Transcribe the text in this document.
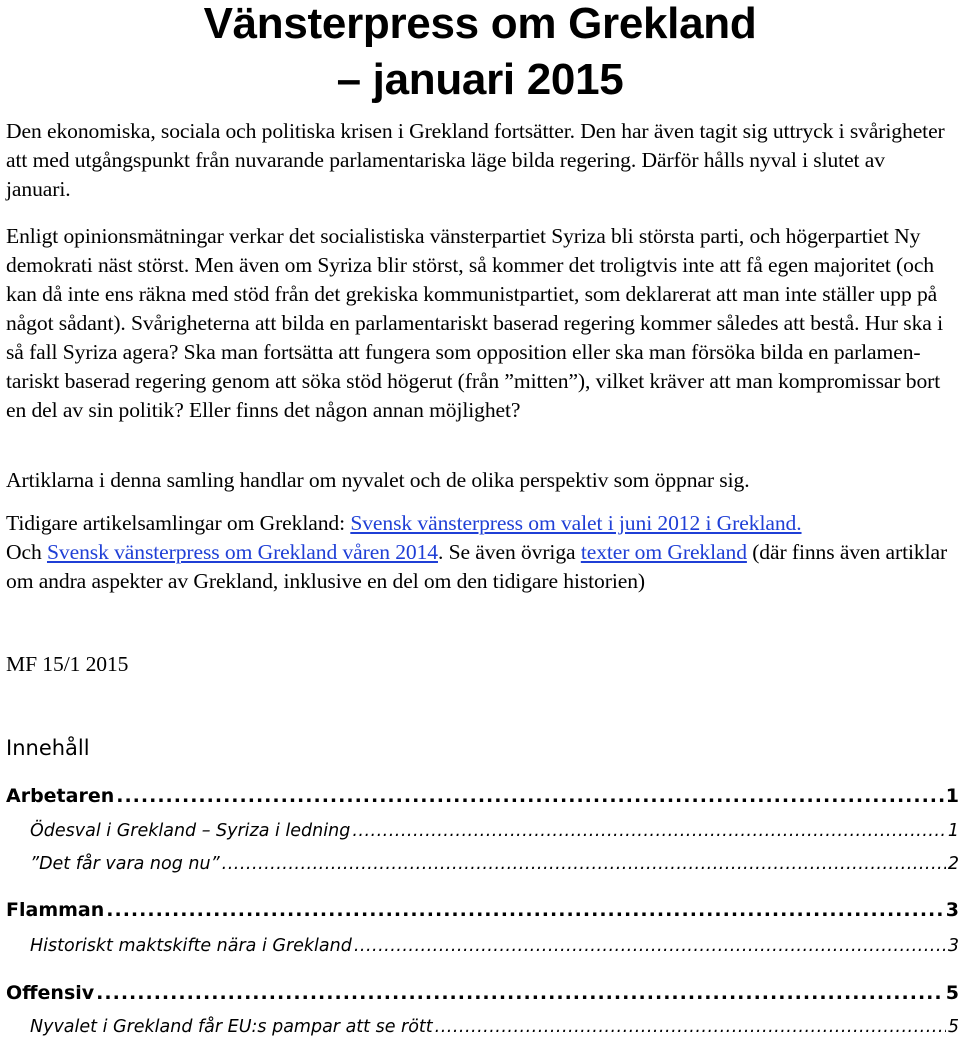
Vänsterpress om Grekland
– januari 2015

Den ekonomiska, sociala och politiska krisen i Grekland fortsätter. Den har även tagit sig uttryck i svårigheter att med utgångspunkt från nuvarande parlamentariska läge bilda regering. Därför hålls nyval i slutet av januari.

Enligt opinionsmätningar verkar det socialistiska vänsterpartiet Syriza bli största parti, och högerpartiet Ny demokrati näst störst. Men även om Syriza blir störst, så kommer det troligtvis inte att få egen majoritet (och kan då inte ens räkna med stöd från det grekiska kommunistpartiet, som deklarerat att man inte ställer upp på något sådant). Svårigheterna att bilda en parlamentariskt baserad regering kommer således att bestå. Hur ska i så fall Syriza agera? Ska man fortsätta att fungera som opposition eller ska man försöka bilda en parlamen-tariskt baserad regering genom att söka stöd högerut (från ”mitten”), vilket kräver att man kompromissar bort en del av sin politik? Eller finns det någon annan möjlighet?

Artiklarna i denna samling handlar om nyvalet och de olika perspektiv som öppnar sig.

Tidigare artikelsamlingar om Grekland: Svensk vänsterpress om valet i juni 2012 i Grekland.
Och Svensk vänsterpress om Grekland våren 2014. Se även övriga texter om Grekland (där finns även artiklar om andra aspekter av Grekland, inklusive en del om den tidigare historien)

MF 15/1 2015

Innehåll
Arbetaren .....	1
Ödesval i Grekland – Syriza i ledning .....	1
”Det får vara nog nu” .....	2
Flamman .....	3
Historiskt maktskifte nära i Grekland .....	3
Offensiv .....	5
Nyvalet i Grekland får EU:s pampar att se rött .....	5
